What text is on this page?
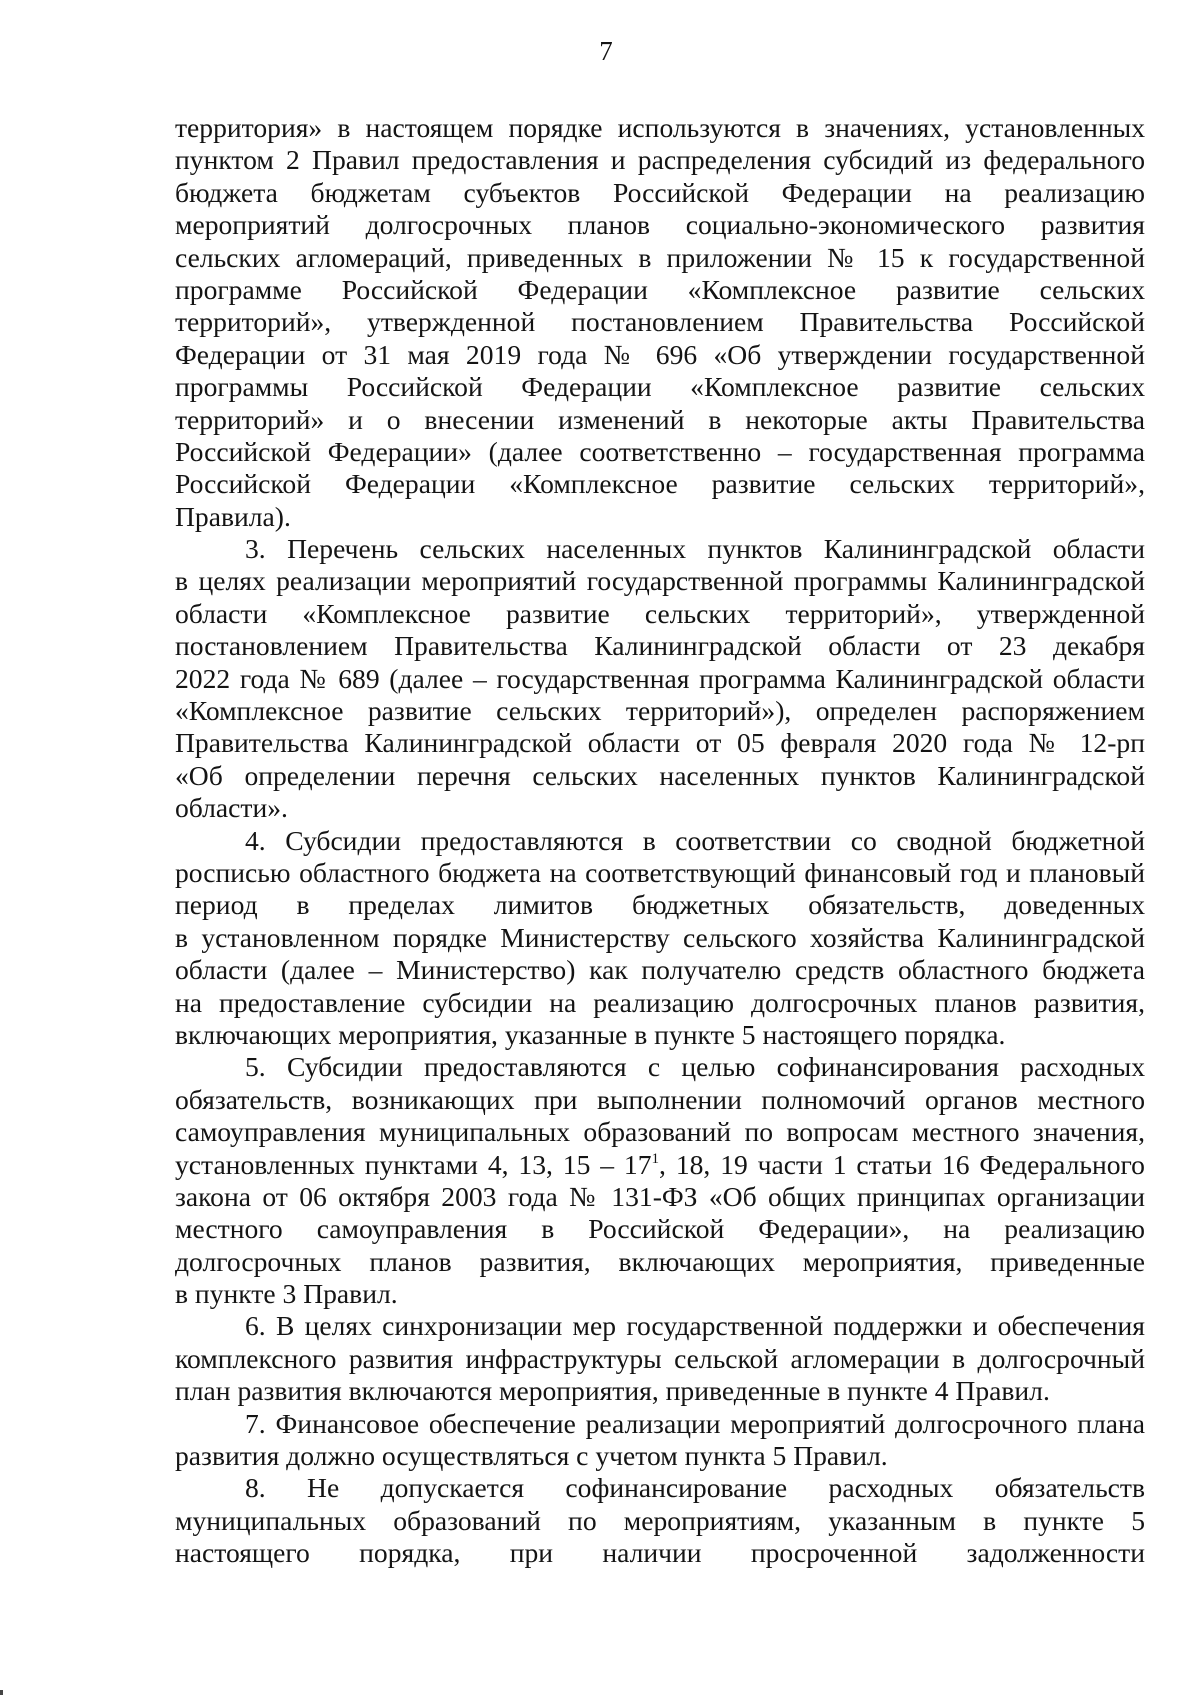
7
территория» в настоящем порядке используются в значениях, установленных
пунктом 2 Правил предоставления и распределения субсидий из федерального
бюджета бюджетам субъектов Российской Федерации на реализацию
мероприятий долгосрочных планов социально-экономического развития
сельских агломераций, приведенных в приложении № 15 к государственной
программе Российской Федерации «Комплексное развитие сельских
территорий», утвержденной постановлением Правительства Российской
Федерации от 31 мая 2019 года № 696 «Об утверждении государственной
программы Российской Федерации «Комплексное развитие сельских
территорий» и о внесении изменений в некоторые акты Правительства
Российской Федерации» (далее соответственно – государственная программа
Российской Федерации «Комплексное развитие сельских территорий»,
Правила).
3. Перечень сельских населенных пунктов Калининградской области
в целях реализации мероприятий государственной программы Калининградской
области «Комплексное развитие сельских территорий», утвержденной
постановлением Правительства Калининградской области от 23 декабря
2022 года № 689 (далее – государственная программа Калининградской области
«Комплексное развитие сельских территорий»), определен распоряжением
Правительства Калининградской области от 05 февраля 2020 года № 12-рп
«Об определении перечня сельских населенных пунктов Калининградской
области».
4. Субсидии предоставляются в соответствии со сводной бюджетной
росписью областного бюджета на соответствующий финансовый год и плановый
период в пределах лимитов бюджетных обязательств, доведенных
в установленном порядке Министерству сельского хозяйства Калининградской
области (далее – Министерство) как получателю средств областного бюджета
на предоставление субсидии на реализацию долгосрочных планов развития,
включающих мероприятия, указанные в пункте 5 настоящего порядка.
5. Субсидии предоставляются с целью софинансирования расходных
обязательств, возникающих при выполнении полномочий органов местного
самоуправления муниципальных образований по вопросам местного значения,
установленных пунктами 4, 13, $15 - 17^1$, 18, 19 части 1 статьи 16 Федерального
закона от 06 октября 2003 года № 131-ФЗ «Об общих принципах организации
местного самоуправления в Российской Федерации», на реализацию
долгосрочных планов развития, включающих мероприятия, приведенные
в пункте 3 Правил.
6. В целях синхронизации мер государственной поддержки и обеспечения
комплексного развития инфраструктуры сельской агломерации в долгосрочный
план развития включаются мероприятия, приведенные в пункте 4 Правил.
7. Финансовое обеспечение реализации мероприятий долгосрочного плана
развития должно осуществляться с учетом пункта 5 Правил.
8. Не допускается софинансирование расходных обязательств
муниципальных образований по мероприятиям, указанным в пункте 5
настоящего порядка, при наличии просроченной задолженности
